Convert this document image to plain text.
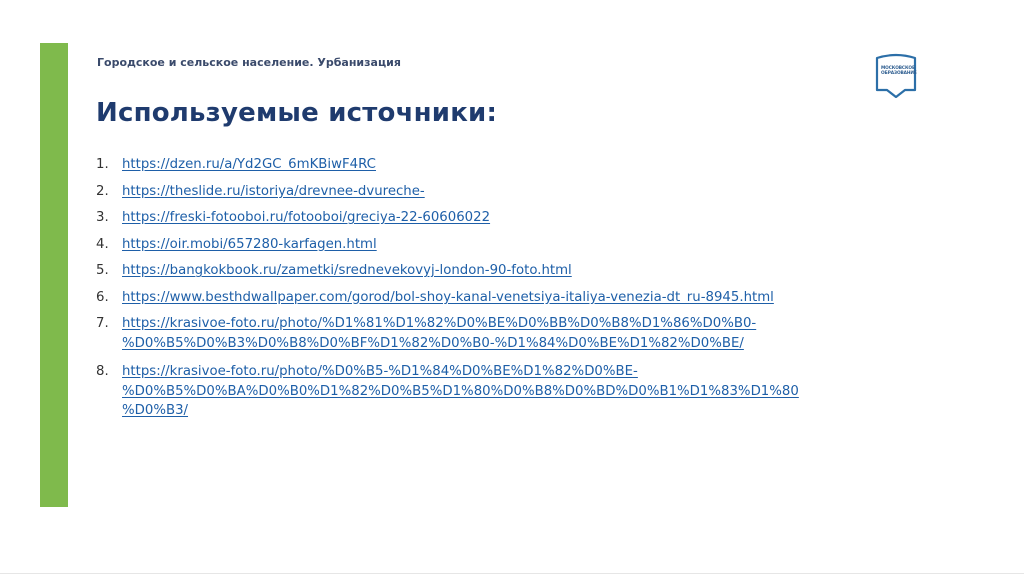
Городское и сельское население. Урбанизация	МОСКОВСКОЕ
ОБРАЗОВАНИЕ
Используемые источники:
1. https://dzen.ru/a/Yd2GC_6mKBiwF4RC
2. https://theslide.ru/istoriya/drevnee-dvureche-
3. https://freski-fotooboi.ru/fotooboi/greciya-22-60606022
4. https://oir.mobi/657280-karfagen.html
5. https://bangkokbook.ru/zametki/srednevekovyj-london-90-foto.html
6. https://www.besthdwallpaper.com/gorod/bol-shoy-kanal-venetsiya-italiya-venezia-dt_ru-8945.html
7. https://krasivoe-foto.ru/photo/%D1%81%D1%82%D0%BE%D0%BB%D0%B8%D1%86%D0%B0-
%D0%B5%D0%B3%D0%B8%D0%BF%D1%82%D0%B0-%D1%84%D0%BE%D1%82%D0%BE/
8. https://krasivoe-foto.ru/photo/%D0%B5-%D1%84%D0%BE%D1%82%D0%BE-
%D0%B5%D0%BA%D0%B0%D1%82%D0%B5%D1%80%D0%B8%D0%BD%D0%B1%D1%83%D1%80
%D0%B3/
